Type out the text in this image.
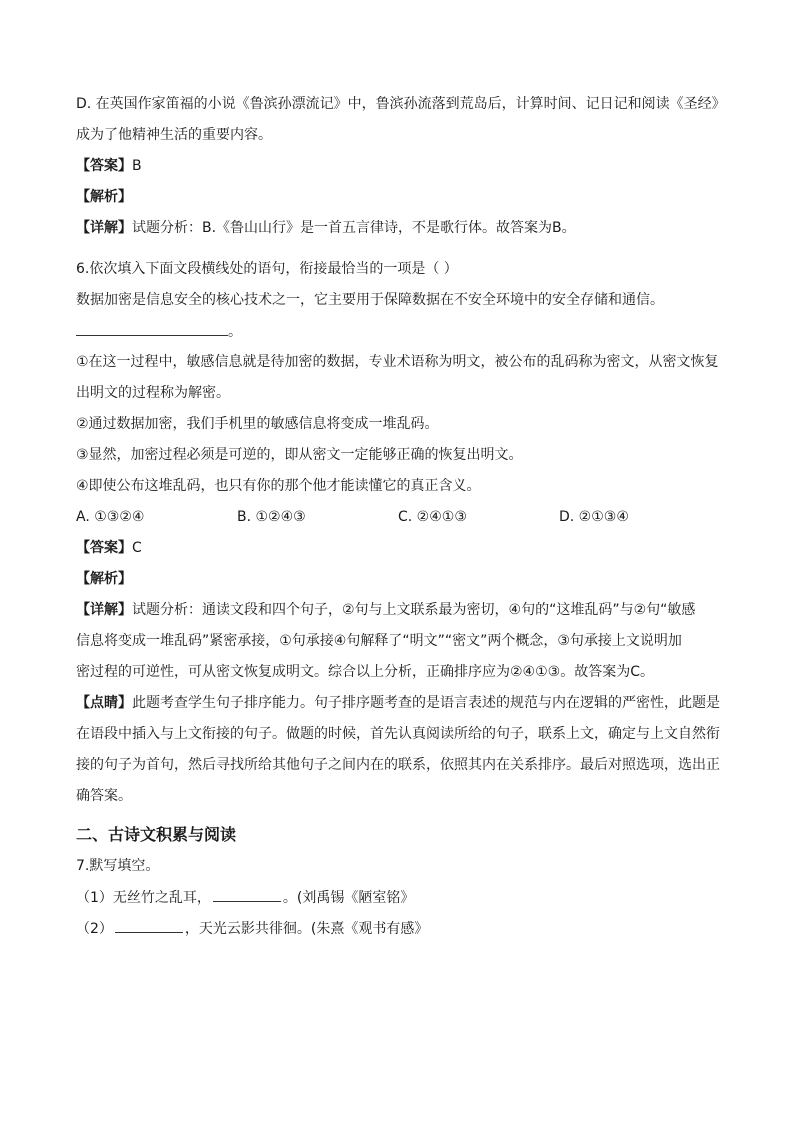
D. 在英国作家笛福的小说《鲁滨孙漂流记》中，鲁滨孙流落到荒岛后，计算时间、记日记和阅读《圣经》
成为了他精神生活的重要内容。
【答案】B
【解析】
【详解】试题分析：B.《鲁山山行》是一首五言律诗，不是歌行体。故答案为B。
6.依次填入下面文段横线处的语句，衔接最恰当的一项是（ ）
数据加密是信息安全的核心技术之一，它主要用于保障数据在不安全环境中的安全存储和通信。
。
①在这一过程中，敏感信息就是待加密的数据，专业术语称为明文，被公布的乱码称为密文，从密文恢复
出明文的过程称为解密。
②通过数据加密，我们手机里的敏感信息将变成一堆乱码。
③显然，加密过程必须是可逆的，即从密文一定能够正确的恢复出明文。
④即使公布这堆乱码，也只有你的那个他才能读懂它的真正含义。
A. ①③②④	B. ①②④③	C. ②④①③	D. ②①③④
【答案】C
【解析】
【详解】试题分析：通读文段和四个句子，②句与上文联系最为密切，④句的“这堆乱码”与②句“敏感
信息将变成一堆乱码”紧密承接，①句承接④句解释了“明文”“密文”两个概念，③句承接上文说明加
密过程的可逆性，可从密文恢复成明文。综合以上分析，正确排序应为②④①③。故答案为C。
【点睛】此题考查学生句子排序能力。句子排序题考查的是语言表述的规范与内在逻辑的严密性，此题是
在语段中插入与上文衔接的句子。做题的时候，首先认真阅读所给的句子，联系上文，确定与上文自然衔
接的句子为首句，然后寻找所给其他句子之间内在的联系，依照其内在关系排序。最后对照选项，选出正
确答案。
二、古诗文积累与阅读
7.默写填空。
（1）无丝竹之乱耳，	。(刘禹锡《陋室铭》
（2）	，天光云影共徘徊。(朱熹《观书有感》
